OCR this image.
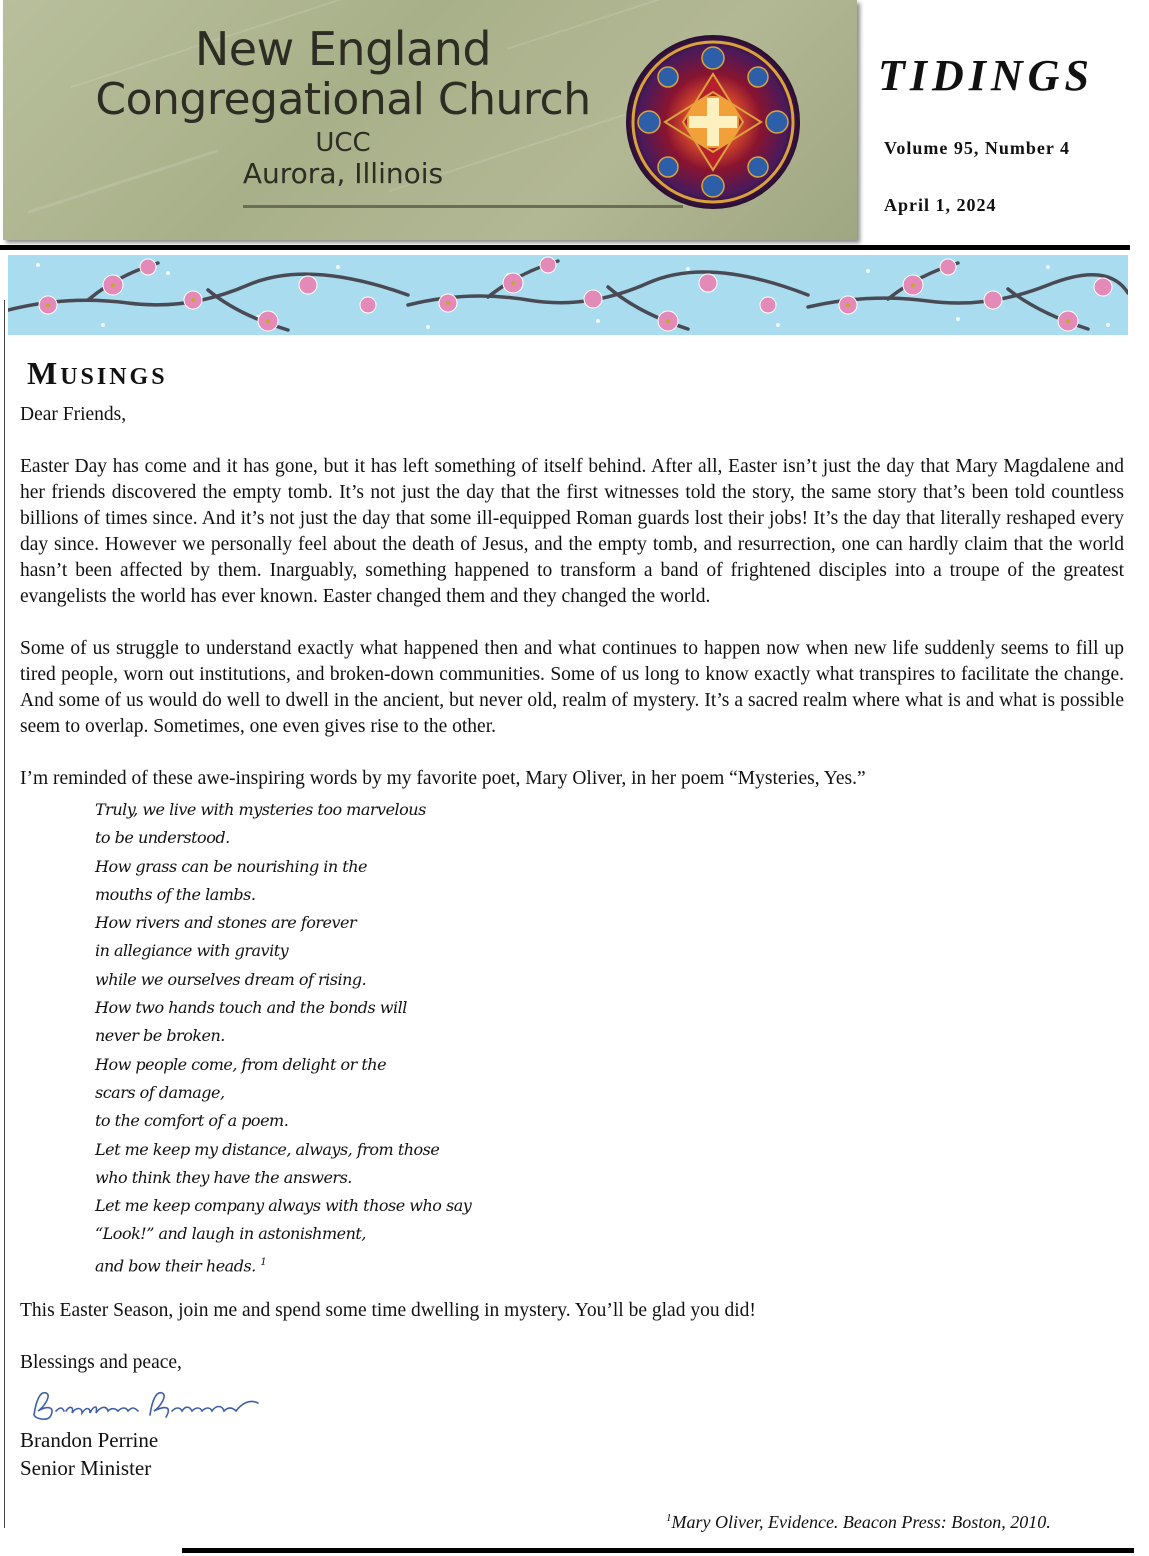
New England
Congregational Church
UCC
Aurora, Illinois
TIDINGS
Volume 95, Number 4
April 1, 2024
MUSINGS

Dear Friends,

Easter Day has come and it has gone, but it has left something of itself behind. After all, Easter isn’t just the day that Mary Magdalene and her friends discovered the empty tomb. It’s not just the day that the first witnesses told the story, the same story that’s been told countless billions of times since. And it’s not just the day that some ill-equipped Roman guards lost their jobs! It’s the day that literally reshaped every day since. However we personally feel about the death of Jesus, and the empty tomb, and resurrection, one can hardly claim that the world hasn’t been affected by them. Inarguably, something happened to transform a band of frightened disciples into a troupe of the greatest evangelists the world has ever known. Easter changed them and they changed the world.

Some of us struggle to understand exactly what happened then and what continues to happen now when new life suddenly seems to fill up tired people, worn out institutions, and broken-down communities. Some of us long to know exactly what transpires to facilitate the change. And some of us would do well to dwell in the ancient, but never old, realm of mystery. It’s a sacred realm where what is and what is possible seem to overlap. Sometimes, one even gives rise to the other.

I’m reminded of these awe-inspiring words by my favorite poet, Mary Oliver, in her poem “Mysteries, Yes.”

Truly, we live with mysteries too marvelous
to be understood.
How grass can be nourishing in the
mouths of the lambs.
How rivers and stones are forever
in allegiance with gravity
while we ourselves dream of rising.
How two hands touch and the bonds will
never be broken.
How people come, from delight or the
scars of damage,
to the comfort of a poem.
Let me keep my distance, always, from those
who think they have the answers.
Let me keep company always with those who say
“Look!” and laugh in astonishment,
and bow their heads. $^1$

This Easter Season, join me and spend some time dwelling in mystery. You’ll be glad you did!

Blessings and peace,

Brandon Perrine

Senior Minister

$^1$Mary Oliver, Evidence. Beacon Press: Boston, 2010.
